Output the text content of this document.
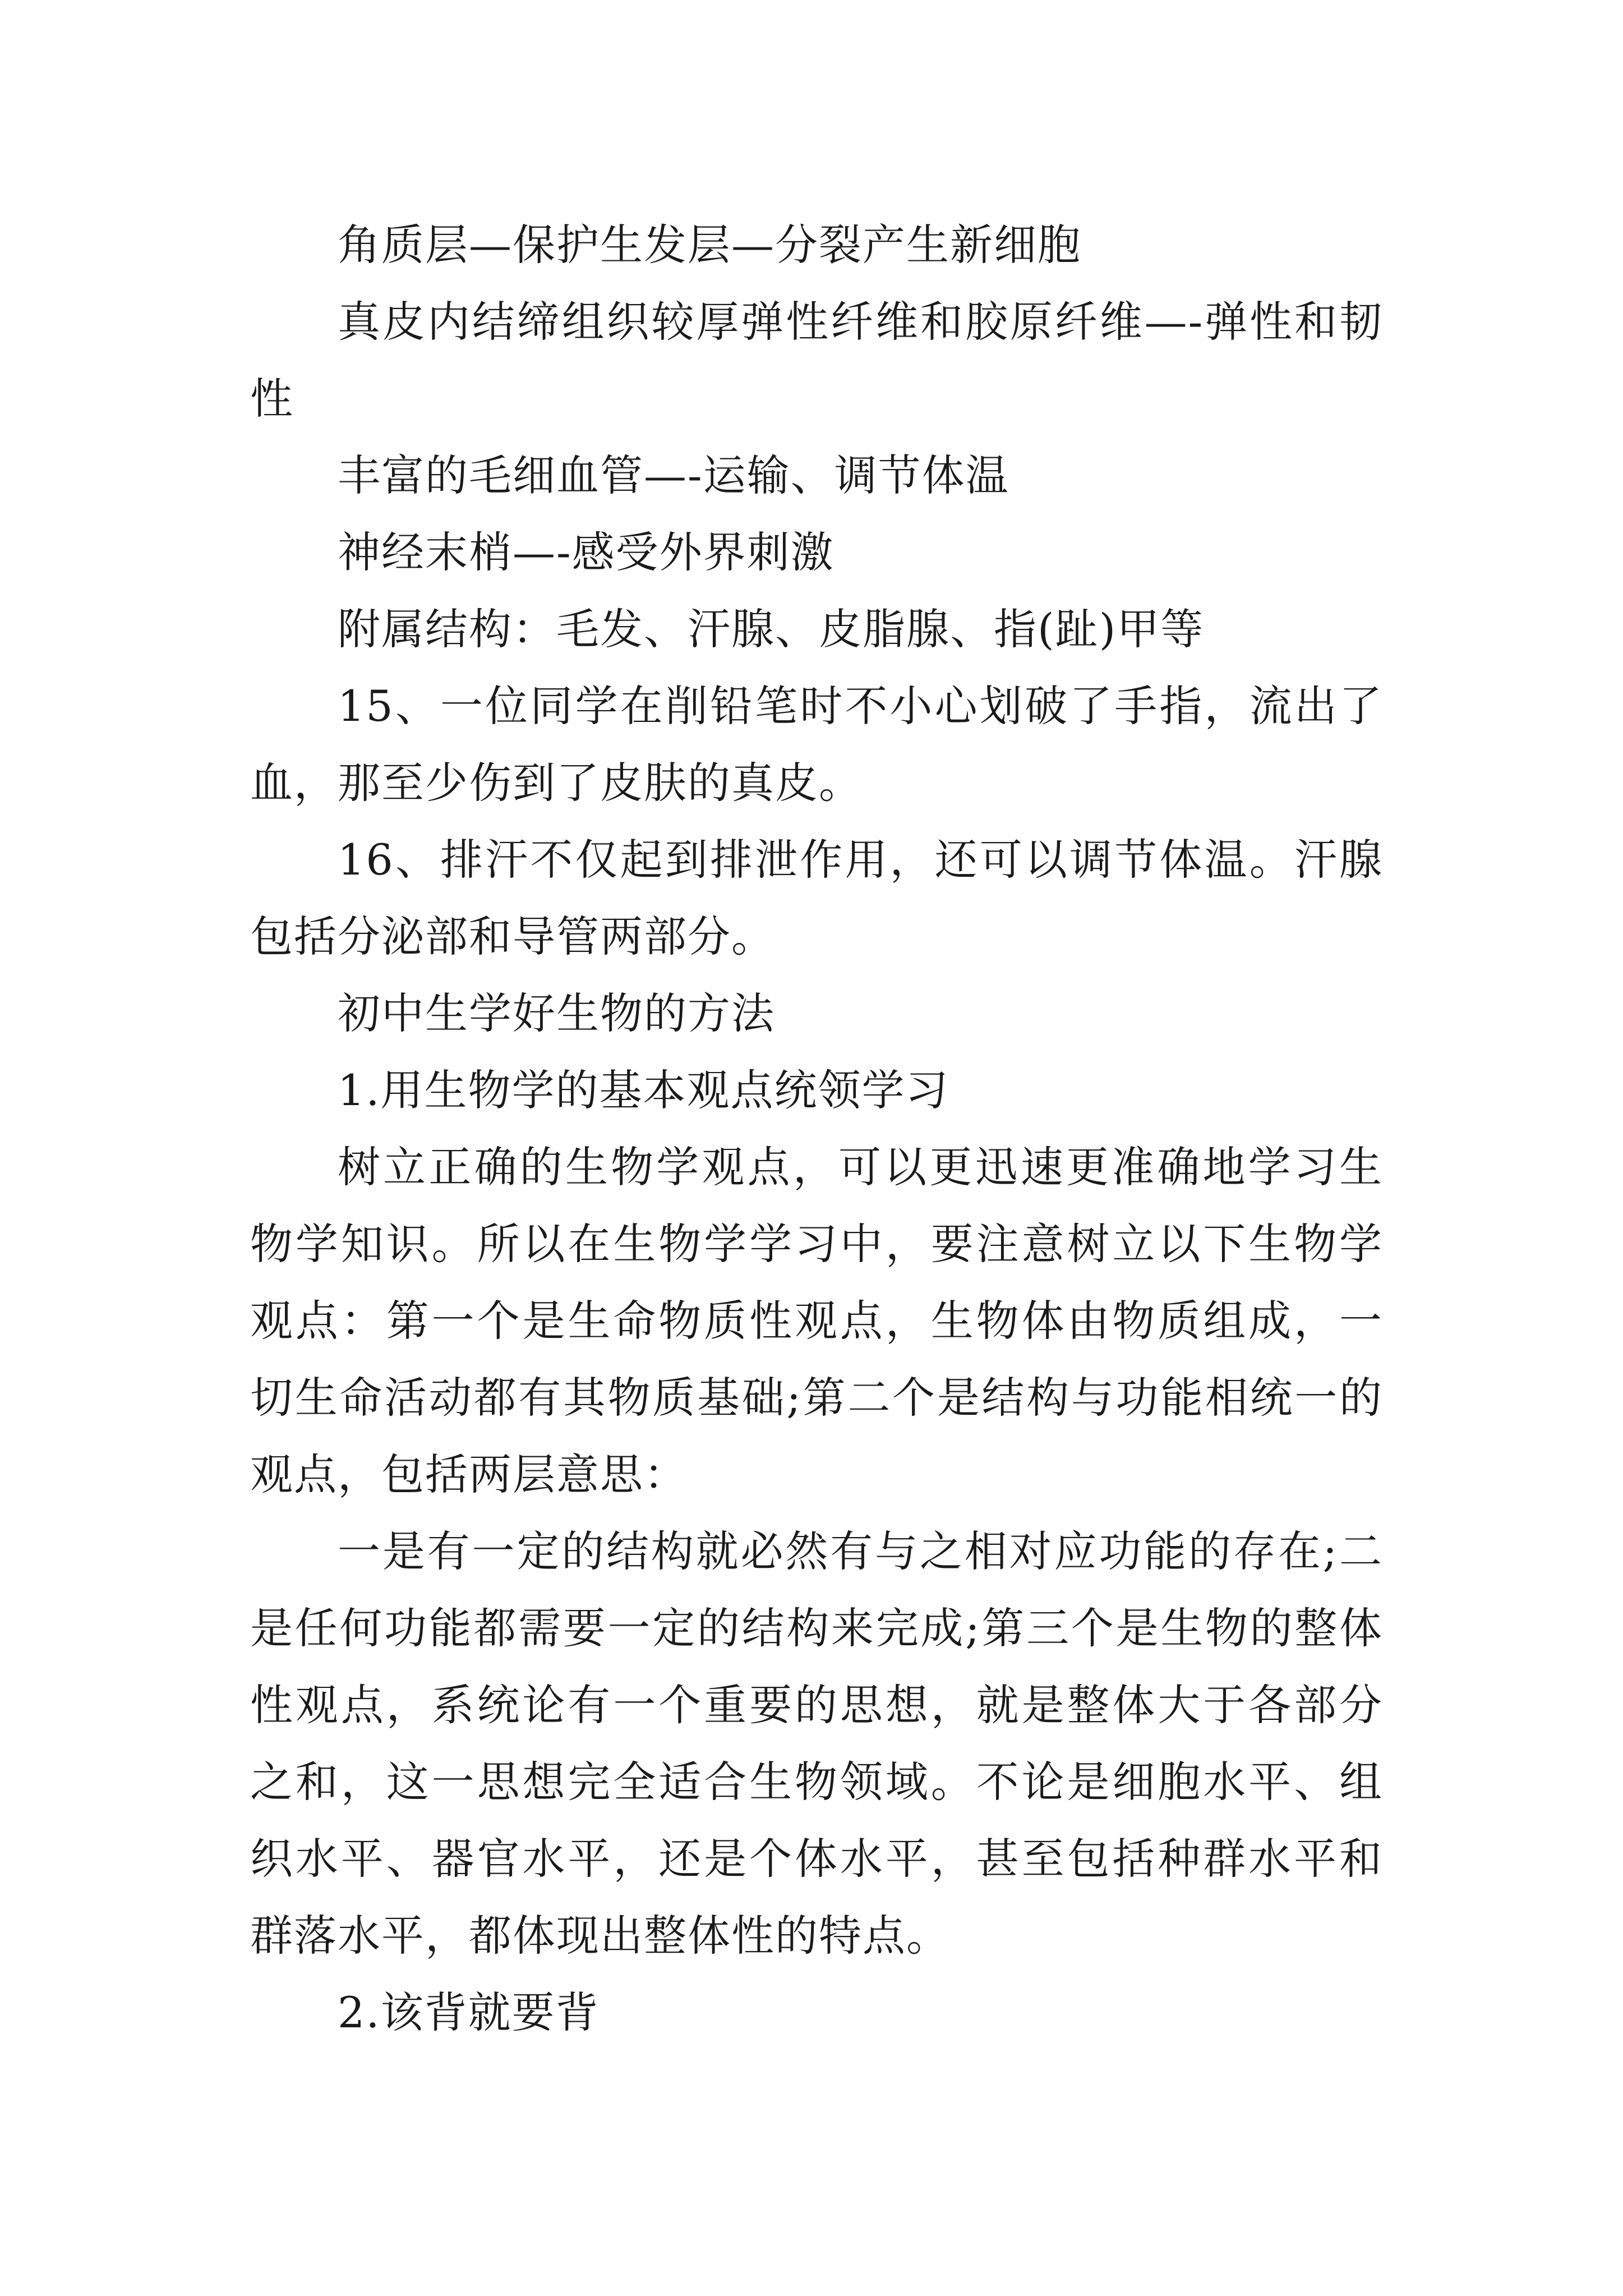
角质层—保护生发层—分裂产生新细胞

真皮内结缔组织较厚弹性纤维和胶原纤维—-弹性和韧性

丰富的毛细血管—-运输、调节体温

神经末梢—-感受外界刺激

附属结构：毛发、汗腺、皮脂腺、指(趾)甲等

15、一位同学在削铅笔时不小心划破了手指，流出了血，那至少伤到了皮肤的真皮。

16、排汗不仅起到排泄作用，还可以调节体温。汗腺包括分泌部和导管两部分。

初中生学好生物的方法

1.用生物学的基本观点统领学习

树立正确的生物学观点，可以更迅速更准确地学习生物学知识。所以在生物学学习中，要注意树立以下生物学观点：第一个是生命物质性观点，生物体由物质组成，一切生命活动都有其物质基础;第二个是结构与功能相统一的观点，包括两层意思：

一是有一定的结构就必然有与之相对应功能的存在;二是任何功能都需要一定的结构来完成;第三个是生物的整体性观点，系统论有一个重要的思想，就是整体大于各部分之和，这一思想完全适合生物领域。不论是细胞水平、组织水平、器官水平，还是个体水平，甚至包括种群水平和群落水平，都体现出整体性的特点。

2.该背就要背
